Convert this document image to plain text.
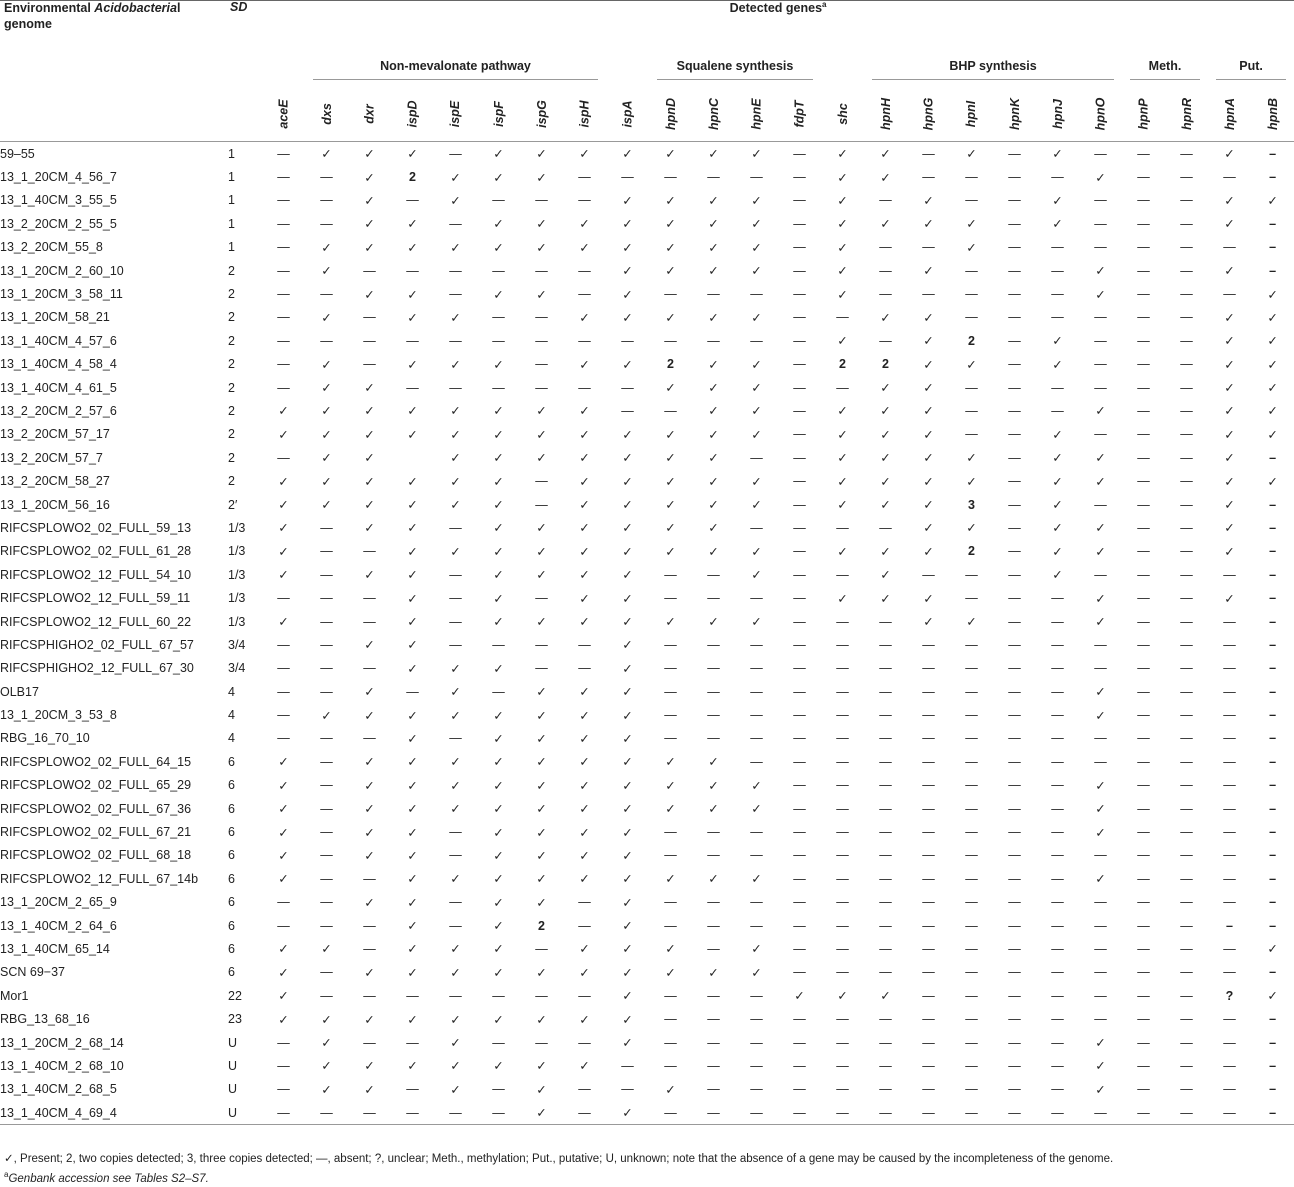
Environmental Acidobacterial genome	SD	Detected genes$^a$

			Non-mevalonate pathway								Squalene synthesis					BHP synthesis						Meth.		Put.	

		aceE	dxs	dxr	ispD	ispE	ispF	ispG	ispH	ispA	hpnD	hpnC	hpnE	fdpT	shc	hpnH	hpnG	hpnI	hpnK	hpnJ	hpnO	hpnP	hpnR	hpnA	hpnB
59–55	1	—	✓	✓	✓	—	✓	✓	✓	✓	✓	✓	✓	—	✓	✓	—	✓	—	✓	—	—	—	✓	–
13_1_20CM_4_56_7	1	—	—	✓	2	✓	✓	✓	—	—	—	—	—	—	✓	✓	—	—	—	—	✓	—	—	—	–
13_1_40CM_3_55_5	1	—	—	✓	—	✓	—	—	—	✓	✓	✓	✓	—	✓	—	✓	—	—	✓	—	—	—	✓	✓
13_2_20CM_2_55_5	1	—	—	✓	✓	—	✓	✓	✓	✓	✓	✓	✓	—	✓	✓	✓	✓	—	✓	—	—	—	✓	–
13_2_20CM_55_8	1	—	✓	✓	✓	✓	✓	✓	✓	✓	✓	✓	✓	—	✓	—	—	✓	—	—	—	—	—	—	–
13_1_20CM_2_60_10	2	—	✓	—	—	—	—	—	—	✓	✓	✓	✓	—	✓	—	✓	—	—	—	✓	—	—	✓	–
13_1_20CM_3_58_11	2	—	—	✓	✓	—	✓	✓	—	✓	—	—	—	—	✓	—	—	—	—	—	✓	—	—	—	✓
13_1_20CM_58_21	2	—	✓	—	✓	✓	—	—	✓	✓	✓	✓	✓	—	—	✓	✓	—	—	—	—	—	—	✓	✓
13_1_40CM_4_57_6	2	—	—	—	—	—	—	—	—	—	—	—	—	—	✓	—	✓	2	—	✓	—	—	—	✓	✓
13_1_40CM_4_58_4	2	—	✓	—	✓	✓	✓	—	✓	✓	2	✓	✓	—	2	2	✓	✓	—	✓	—	—	—	✓	✓
13_1_40CM_4_61_5	2	—	✓	✓	—	—	—	—	—	—	✓	✓	✓	—	—	✓	✓	—	—	—	—	—	—	✓	✓
13_2_20CM_2_57_6	2	✓	✓	✓	✓	✓	✓	✓	✓	—	—	✓	✓	—	✓	✓	✓	—	—	—	✓	—	—	✓	✓
13_2_20CM_57_17	2	✓	✓	✓	✓	✓	✓	✓	✓	✓	✓	✓	✓	—	✓	✓	✓	—	—	✓	—	—	—	✓	✓
13_2_20CM_57_7	2	—	✓	✓		✓	✓	✓	✓	✓	✓	✓	—	—	✓	✓	✓	✓	—	✓	✓	—	—	✓	–
13_2_20CM_58_27	2	✓	✓	✓	✓	✓	✓	—	✓	✓	✓	✓	✓	—	✓	✓	✓	✓	—	✓	✓	—	—	✓	✓
13_1_20CM_56_16	2′	✓	✓	✓	✓	✓	✓	—	✓	✓	✓	✓	✓	—	✓	✓	✓	3	—	✓	—	—	—	✓	–
RIFCSPLOWO2_02_FULL_59_13	1/3	✓	—	✓	✓	—	✓	✓	✓	✓	✓	✓	—	—	—	—	✓	✓	—	✓	✓	—	—	✓	–
RIFCSPLOWO2_02_FULL_61_28	1/3	✓	—	—	✓	✓	✓	✓	✓	✓	✓	✓	✓	—	✓	✓	✓	2	—	✓	✓	—	—	✓	–
RIFCSPLOWO2_12_FULL_54_10	1/3	✓	—	✓	✓	—	✓	✓	✓	✓	—	—	✓	—	—	✓	—	—	—	✓	—	—	—	—	–
RIFCSPLOWO2_12_FULL_59_11	1/3	—	—	—	✓	—	✓	—	✓	✓	—	—	—	—	✓	✓	✓	—	—	—	✓	—	—	✓	–
RIFCSPLOWO2_12_FULL_60_22	1/3	✓	—	—	✓	—	✓	✓	✓	✓	✓	✓	✓	—	—	—	✓	✓	—	—	✓	—	—	—	–
RIFCSPHIGHO2_02_FULL_67_57	3/4	—	—	✓	✓	—	—	—	—	✓	—	—	—	—	—	—	—	—	—	—	—	—	—	—	–
RIFCSPHIGHO2_12_FULL_67_30	3/4	—	—	—	✓	✓	✓	—	—	✓	—	—	—	—	—	—	—	—	—	—	—	—	—	—	–
OLB17	4	—	—	✓	—	✓	—	✓	✓	✓	—	—	—	—	—	—	—	—	—	—	✓	—	—	—	–
13_1_20CM_3_53_8	4	—	✓	✓	✓	✓	✓	✓	✓	✓	—	—	—	—	—	—	—	—	—	—	✓	—	—	—	–
RBG_16_70_10	4	—	—	—	✓	—	✓	✓	✓	✓	—	—	—	—	—	—	—	—	—	—	—	—	—	—	–
RIFCSPLOWO2_02_FULL_64_15	6	✓	—	✓	✓	✓	✓	✓	✓	✓	✓	✓	—	—	—	—	—	—	—	—	—	—	—	—	–
RIFCSPLOWO2_02_FULL_65_29	6	✓	—	✓	✓	✓	✓	✓	✓	✓	✓	✓	✓	—	—	—	—	—	—	—	✓	—	—	—	–
RIFCSPLOWO2_02_FULL_67_36	6	✓	—	✓	✓	✓	✓	✓	✓	✓	✓	✓	✓	—	—	—	—	—	—	—	✓	—	—	—	–
RIFCSPLOWO2_02_FULL_67_21	6	✓	—	✓	✓	—	✓	✓	✓	✓	—	—	—	—	—	—	—	—	—	—	✓	—	—	—	–
RIFCSPLOWO2_02_FULL_68_18	6	✓	—	✓	✓	—	✓	✓	✓	✓	—	—	—	—	—	—	—	—	—	—	—	—	—	—	–
RIFCSPLOWO2_12_FULL_67_14b	6	✓	—	—	✓	✓	✓	✓	✓	✓	✓	✓	✓	—	—	—	—	—	—	—	✓	—	—	—	–
13_1_20CM_2_65_9	6	—	—	✓	✓	—	✓	✓	—	✓	—	—	—	—	—	—	—	—	—	—	—	—	—	—	–
13_1_40CM_2_64_6	6	—	—	—	✓	—	✓	2	—	✓	—	—	—	—	—	—	—	—	—	—	—	—	—	–	–
13_1_40CM_65_14	6	✓	✓	—	✓	✓	✓	—	✓	✓	✓	—	✓	—	—	—	—	—	—	—	—	—	—	—	✓
SCN 69−37	6	✓	—	✓	✓	✓	✓	✓	✓	✓	✓	✓	✓	—	—	—	—	—	—	—	—	—	—	—	–
Mor1	22	✓	—	—	—	—	—	—	—	✓	—	—	—	✓	✓	✓	—	—	—	—	—	—	—	?	✓
RBG_13_68_16	23	✓	✓	✓	✓	✓	✓	✓	✓	✓	—	—	—	—	—	—	—	—	—	—	—	—	—	—	–
13_1_20CM_2_68_14	U	—	✓	—	—	✓	—	—	—	✓	—	—	—	—	—	—	—	—	—	—	✓	—	—	—	–
13_1_40CM_2_68_10	U	—	✓	✓	✓	✓	✓	✓	✓	—	—	—	—	—	—	—	—	—	—	—	✓	—	—	—	–
13_1_40CM_2_68_5	U	—	✓	✓	—	✓	—	✓	—	—	✓	—	—	—	—	—	—	—	—	—	✓	—	—	—	–
13_1_40CM_4_69_4	U	—	—	—	—	—	—	✓	—	✓	—	—	—	—	—	—	—	—	—	—	—	—	—	—	–
✓, Present; 2, two copies detected; 3, three copies detected; —, absent; ?, unclear; Meth., methylation; Put., putative; U, unknown; note that the absence of a gene may be caused by the incompleteness of the genome.
$^a$Genbank accession see Tables S2–S7.
